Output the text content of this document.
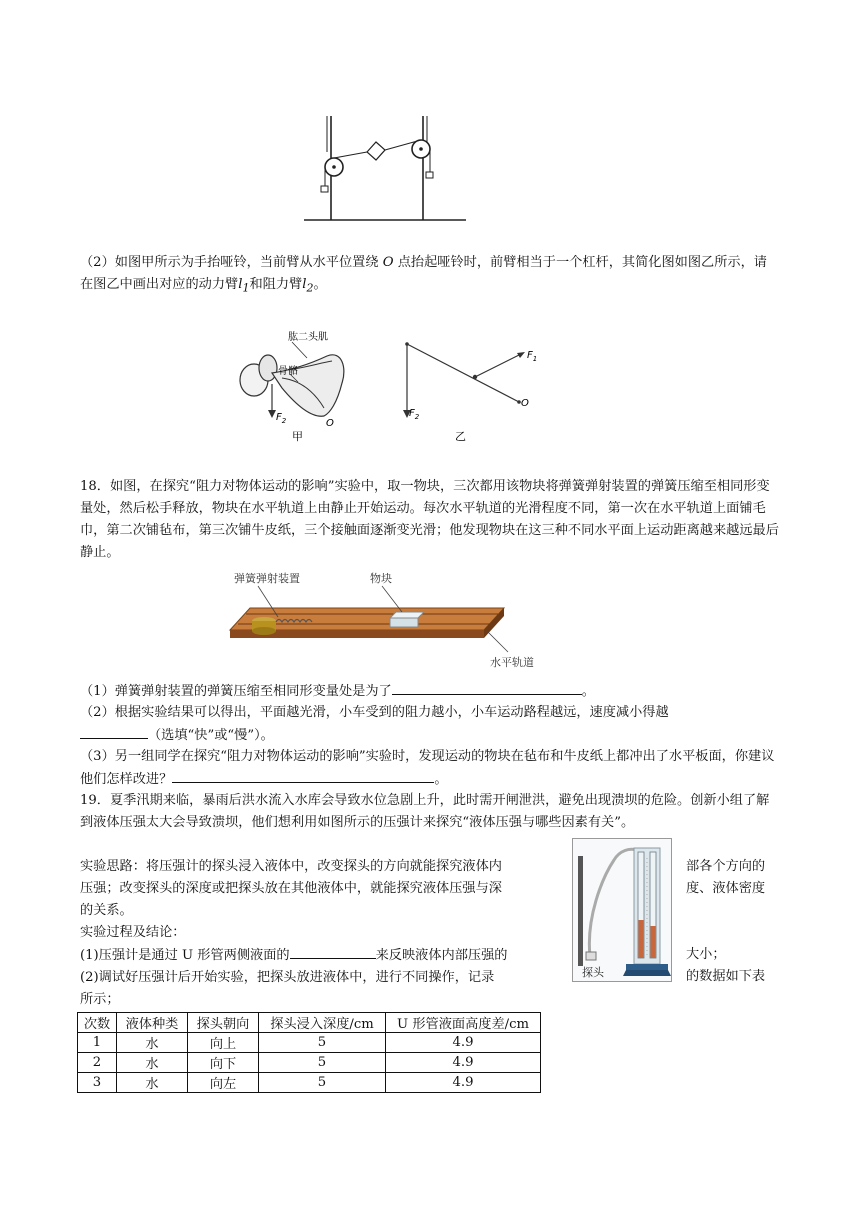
（2）如图甲所示为手抬哑铃，当前臂从水平位置绕 O 点抬起哑铃时，前臂相当于一个杠杆，其简化图如图乙所示，请在图乙中画出对应的动力臂$l_1$和阻力臂$l_2$。

肱二头肌
骨骼
$F_2$	O
甲
$F_1$
$F_2$
O
乙

18．如图，在探究“阻力对物体运动的影响”实验中，取一物块，三次都用该物块将弹簧弹射装置的弹簧压缩至相同形变量处，然后松手释放，物块在水平轨道上由静止开始运动。每次水平轨道的光滑程度不同，第一次在水平轨道上面铺毛巾，第二次铺毡布，第三次铺牛皮纸，三个接触面逐渐变光滑；他发现物块在这三种不同水平面上运动距离越来越远最后静止。

弹簧弹射装置	物块
水平轨道

（1）弹簧弹射装置的弹簧压缩至相同形变量处是为了	。

（2）根据实验结果可以得出，平面越光滑，小车受到的阻力越小，小车运动路程越远，速度减小得越
（选填“快”或“慢”）。

（3）另一组同学在探究“阻力对物体运动的影响”实验时，发现运动的物块在毡布和牛皮纸上都冲出了水平板面，你建议他们怎样改进？	。

19．夏季汛期来临，暴雨后洪水流入水库会导致水位急剧上升，此时需开闸泄洪，避免出现溃坝的危险。创新小组了解到液体压强太大会导致溃坝，他们想利用如图所示的压强计来探究“液体压强与哪些因素有关”。

实验思路：将压强计的探头浸入液体中，改变探头的方向就能探究液体内

压强；改变探头的深度或把探头放在其他液体中，就能探究液体压强与深

的关系。

实验过程及结论：

(1)压强计是通过 U 形管两侧液面的	来反映液体内部压强的

(2)调试好压强计后开始实验，把探头放进液体中，进行不同操作，记录

所示；

部各个方向的

度、液体密度

大小；

的数据如下表

探头
次数	液体种类	探头朝向	探头浸入深度/cm	U 形管液面高度差/cm
1	水	向上	5	4.9
2	水	向下	5	4.9
3	水	向左	5	4.9
